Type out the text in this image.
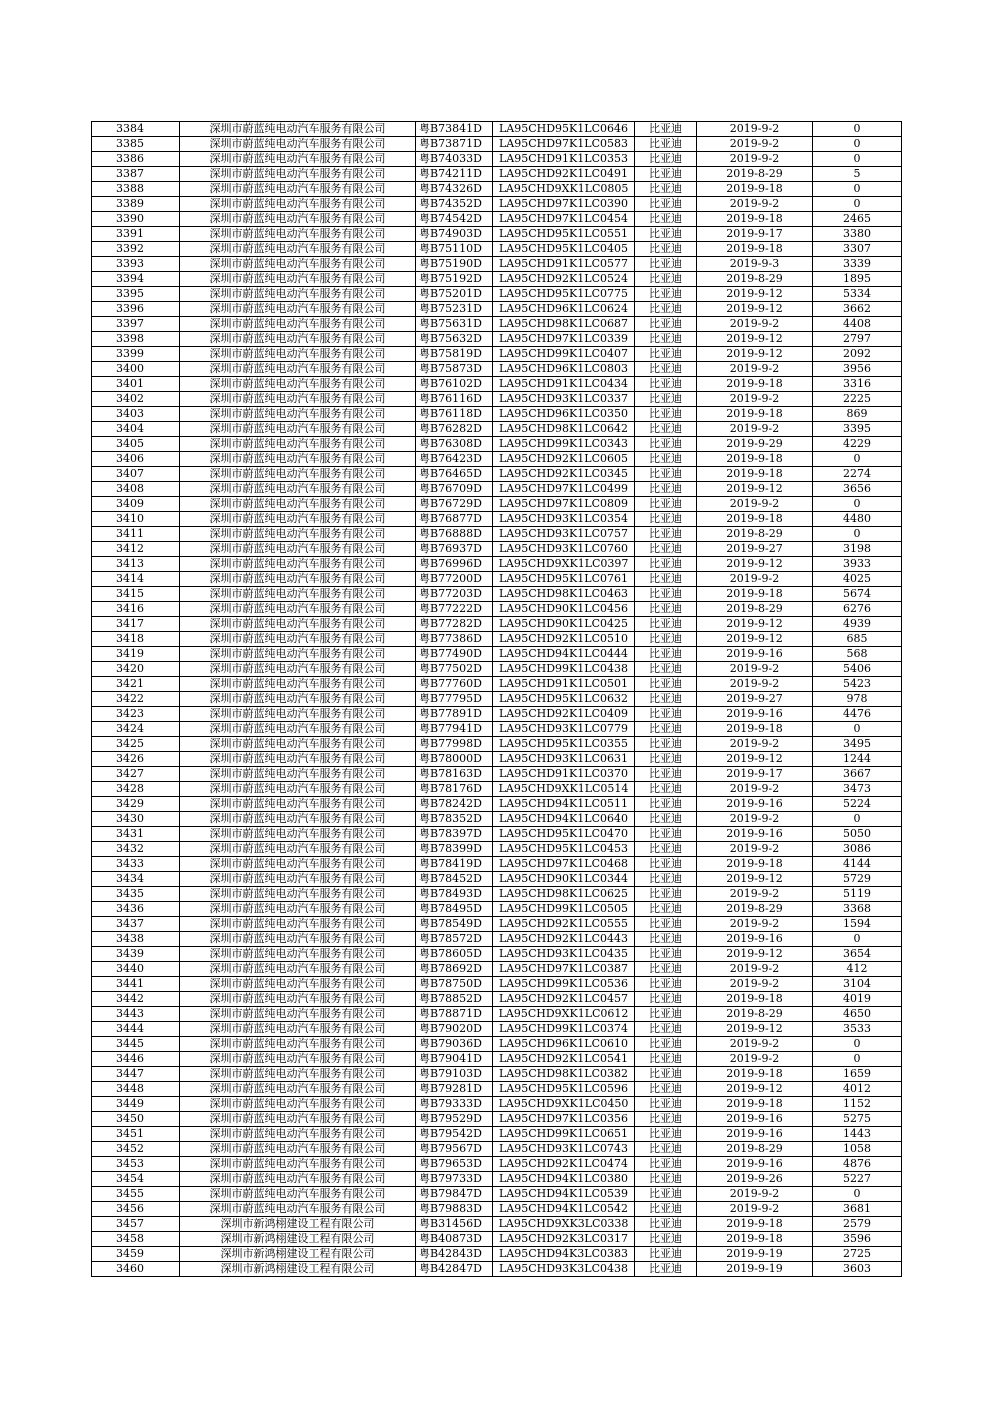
3384	深圳市蔚蓝纯电动汽车服务有限公司	粤B73841D	LA95CHD95K1LC0646	比亚迪	2019-9-2	0
3385	深圳市蔚蓝纯电动汽车服务有限公司	粤B73871D	LA95CHD97K1LC0583	比亚迪	2019-9-2	0
3386	深圳市蔚蓝纯电动汽车服务有限公司	粤B74033D	LA95CHD91K1LC0353	比亚迪	2019-9-2	0
3387	深圳市蔚蓝纯电动汽车服务有限公司	粤B74211D	LA95CHD92K1LC0491	比亚迪	2019-8-29	5
3388	深圳市蔚蓝纯电动汽车服务有限公司	粤B74326D	LA95CHD9XK1LC0805	比亚迪	2019-9-18	0
3389	深圳市蔚蓝纯电动汽车服务有限公司	粤B74352D	LA95CHD97K1LC0390	比亚迪	2019-9-2	0
3390	深圳市蔚蓝纯电动汽车服务有限公司	粤B74542D	LA95CHD97K1LC0454	比亚迪	2019-9-18	2465
3391	深圳市蔚蓝纯电动汽车服务有限公司	粤B74903D	LA95CHD95K1LC0551	比亚迪	2019-9-17	3380
3392	深圳市蔚蓝纯电动汽车服务有限公司	粤B75110D	LA95CHD95K1LC0405	比亚迪	2019-9-18	3307
3393	深圳市蔚蓝纯电动汽车服务有限公司	粤B75190D	LA95CHD91K1LC0577	比亚迪	2019-9-3	3339
3394	深圳市蔚蓝纯电动汽车服务有限公司	粤B75192D	LA95CHD92K1LC0524	比亚迪	2019-8-29	1895
3395	深圳市蔚蓝纯电动汽车服务有限公司	粤B75201D	LA95CHD95K1LC0775	比亚迪	2019-9-12	5334
3396	深圳市蔚蓝纯电动汽车服务有限公司	粤B75231D	LA95CHD96K1LC0624	比亚迪	2019-9-12	3662
3397	深圳市蔚蓝纯电动汽车服务有限公司	粤B75631D	LA95CHD98K1LC0687	比亚迪	2019-9-2	4408
3398	深圳市蔚蓝纯电动汽车服务有限公司	粤B75632D	LA95CHD97K1LC0339	比亚迪	2019-9-12	2797
3399	深圳市蔚蓝纯电动汽车服务有限公司	粤B75819D	LA95CHD99K1LC0407	比亚迪	2019-9-12	2092
3400	深圳市蔚蓝纯电动汽车服务有限公司	粤B75873D	LA95CHD96K1LC0803	比亚迪	2019-9-2	3956
3401	深圳市蔚蓝纯电动汽车服务有限公司	粤B76102D	LA95CHD91K1LC0434	比亚迪	2019-9-18	3316
3402	深圳市蔚蓝纯电动汽车服务有限公司	粤B76116D	LA95CHD93K1LC0337	比亚迪	2019-9-2	2225
3403	深圳市蔚蓝纯电动汽车服务有限公司	粤B76118D	LA95CHD96K1LC0350	比亚迪	2019-9-18	869
3404	深圳市蔚蓝纯电动汽车服务有限公司	粤B76282D	LA95CHD98K1LC0642	比亚迪	2019-9-2	3395
3405	深圳市蔚蓝纯电动汽车服务有限公司	粤B76308D	LA95CHD99K1LC0343	比亚迪	2019-9-29	4229
3406	深圳市蔚蓝纯电动汽车服务有限公司	粤B76423D	LA95CHD92K1LC0605	比亚迪	2019-9-18	0
3407	深圳市蔚蓝纯电动汽车服务有限公司	粤B76465D	LA95CHD92K1LC0345	比亚迪	2019-9-18	2274
3408	深圳市蔚蓝纯电动汽车服务有限公司	粤B76709D	LA95CHD97K1LC0499	比亚迪	2019-9-12	3656
3409	深圳市蔚蓝纯电动汽车服务有限公司	粤B76729D	LA95CHD97K1LC0809	比亚迪	2019-9-2	0
3410	深圳市蔚蓝纯电动汽车服务有限公司	粤B76877D	LA95CHD93K1LC0354	比亚迪	2019-9-18	4480
3411	深圳市蔚蓝纯电动汽车服务有限公司	粤B76888D	LA95CHD93K1LC0757	比亚迪	2019-8-29	0
3412	深圳市蔚蓝纯电动汽车服务有限公司	粤B76937D	LA95CHD93K1LC0760	比亚迪	2019-9-27	3198
3413	深圳市蔚蓝纯电动汽车服务有限公司	粤B76996D	LA95CHD9XK1LC0397	比亚迪	2019-9-12	3933
3414	深圳市蔚蓝纯电动汽车服务有限公司	粤B77200D	LA95CHD95K1LC0761	比亚迪	2019-9-2	4025
3415	深圳市蔚蓝纯电动汽车服务有限公司	粤B77203D	LA95CHD98K1LC0463	比亚迪	2019-9-18	5674
3416	深圳市蔚蓝纯电动汽车服务有限公司	粤B77222D	LA95CHD90K1LC0456	比亚迪	2019-8-29	6276
3417	深圳市蔚蓝纯电动汽车服务有限公司	粤B77282D	LA95CHD90K1LC0425	比亚迪	2019-9-12	4939
3418	深圳市蔚蓝纯电动汽车服务有限公司	粤B77386D	LA95CHD92K1LC0510	比亚迪	2019-9-12	685
3419	深圳市蔚蓝纯电动汽车服务有限公司	粤B77490D	LA95CHD94K1LC0444	比亚迪	2019-9-16	568
3420	深圳市蔚蓝纯电动汽车服务有限公司	粤B77502D	LA95CHD99K1LC0438	比亚迪	2019-9-2	5406
3421	深圳市蔚蓝纯电动汽车服务有限公司	粤B77760D	LA95CHD91K1LC0501	比亚迪	2019-9-2	5423
3422	深圳市蔚蓝纯电动汽车服务有限公司	粤B77795D	LA95CHD95K1LC0632	比亚迪	2019-9-27	978
3423	深圳市蔚蓝纯电动汽车服务有限公司	粤B77891D	LA95CHD92K1LC0409	比亚迪	2019-9-16	4476
3424	深圳市蔚蓝纯电动汽车服务有限公司	粤B77941D	LA95CHD93K1LC0779	比亚迪	2019-9-18	0
3425	深圳市蔚蓝纯电动汽车服务有限公司	粤B77998D	LA95CHD95K1LC0355	比亚迪	2019-9-2	3495
3426	深圳市蔚蓝纯电动汽车服务有限公司	粤B78000D	LA95CHD93K1LC0631	比亚迪	2019-9-12	1244
3427	深圳市蔚蓝纯电动汽车服务有限公司	粤B78163D	LA95CHD91K1LC0370	比亚迪	2019-9-17	3667
3428	深圳市蔚蓝纯电动汽车服务有限公司	粤B78176D	LA95CHD9XK1LC0514	比亚迪	2019-9-2	3473
3429	深圳市蔚蓝纯电动汽车服务有限公司	粤B78242D	LA95CHD94K1LC0511	比亚迪	2019-9-16	5224
3430	深圳市蔚蓝纯电动汽车服务有限公司	粤B78352D	LA95CHD94K1LC0640	比亚迪	2019-9-2	0
3431	深圳市蔚蓝纯电动汽车服务有限公司	粤B78397D	LA95CHD95K1LC0470	比亚迪	2019-9-16	5050
3432	深圳市蔚蓝纯电动汽车服务有限公司	粤B78399D	LA95CHD95K1LC0453	比亚迪	2019-9-2	3086
3433	深圳市蔚蓝纯电动汽车服务有限公司	粤B78419D	LA95CHD97K1LC0468	比亚迪	2019-9-18	4144
3434	深圳市蔚蓝纯电动汽车服务有限公司	粤B78452D	LA95CHD90K1LC0344	比亚迪	2019-9-12	5729
3435	深圳市蔚蓝纯电动汽车服务有限公司	粤B78493D	LA95CHD98K1LC0625	比亚迪	2019-9-2	5119
3436	深圳市蔚蓝纯电动汽车服务有限公司	粤B78495D	LA95CHD99K1LC0505	比亚迪	2019-8-29	3368
3437	深圳市蔚蓝纯电动汽车服务有限公司	粤B78549D	LA95CHD92K1LC0555	比亚迪	2019-9-2	1594
3438	深圳市蔚蓝纯电动汽车服务有限公司	粤B78572D	LA95CHD92K1LC0443	比亚迪	2019-9-16	0
3439	深圳市蔚蓝纯电动汽车服务有限公司	粤B78605D	LA95CHD93K1LC0435	比亚迪	2019-9-12	3654
3440	深圳市蔚蓝纯电动汽车服务有限公司	粤B78692D	LA95CHD97K1LC0387	比亚迪	2019-9-2	412
3441	深圳市蔚蓝纯电动汽车服务有限公司	粤B78750D	LA95CHD99K1LC0536	比亚迪	2019-9-2	3104
3442	深圳市蔚蓝纯电动汽车服务有限公司	粤B78852D	LA95CHD92K1LC0457	比亚迪	2019-9-18	4019
3443	深圳市蔚蓝纯电动汽车服务有限公司	粤B78871D	LA95CHD9XK1LC0612	比亚迪	2019-8-29	4650
3444	深圳市蔚蓝纯电动汽车服务有限公司	粤B79020D	LA95CHD99K1LC0374	比亚迪	2019-9-12	3533
3445	深圳市蔚蓝纯电动汽车服务有限公司	粤B79036D	LA95CHD96K1LC0610	比亚迪	2019-9-2	0
3446	深圳市蔚蓝纯电动汽车服务有限公司	粤B79041D	LA95CHD92K1LC0541	比亚迪	2019-9-2	0
3447	深圳市蔚蓝纯电动汽车服务有限公司	粤B79103D	LA95CHD98K1LC0382	比亚迪	2019-9-18	1659
3448	深圳市蔚蓝纯电动汽车服务有限公司	粤B79281D	LA95CHD95K1LC0596	比亚迪	2019-9-12	4012
3449	深圳市蔚蓝纯电动汽车服务有限公司	粤B79333D	LA95CHD9XK1LC0450	比亚迪	2019-9-18	1152
3450	深圳市蔚蓝纯电动汽车服务有限公司	粤B79529D	LA95CHD97K1LC0356	比亚迪	2019-9-16	5275
3451	深圳市蔚蓝纯电动汽车服务有限公司	粤B79542D	LA95CHD99K1LC0651	比亚迪	2019-9-16	1443
3452	深圳市蔚蓝纯电动汽车服务有限公司	粤B79567D	LA95CHD93K1LC0743	比亚迪	2019-8-29	1058
3453	深圳市蔚蓝纯电动汽车服务有限公司	粤B79653D	LA95CHD92K1LC0474	比亚迪	2019-9-16	4876
3454	深圳市蔚蓝纯电动汽车服务有限公司	粤B79733D	LA95CHD94K1LC0380	比亚迪	2019-9-26	5227
3455	深圳市蔚蓝纯电动汽车服务有限公司	粤B79847D	LA95CHD94K1LC0539	比亚迪	2019-9-2	0
3456	深圳市蔚蓝纯电动汽车服务有限公司	粤B79883D	LA95CHD94K1LC0542	比亚迪	2019-9-2	3681
3457	深圳市新鸿栩建设工程有限公司	粤B31456D	LA95CHD9XK3LC0338	比亚迪	2019-9-18	2579
3458	深圳市新鸿栩建设工程有限公司	粤B40873D	LA95CHD92K3LC0317	比亚迪	2019-9-18	3596
3459	深圳市新鸿栩建设工程有限公司	粤B42843D	LA95CHD94K3LC0383	比亚迪	2019-9-19	2725
3460	深圳市新鸿栩建设工程有限公司	粤B42847D	LA95CHD93K3LC0438	比亚迪	2019-9-19	3603
